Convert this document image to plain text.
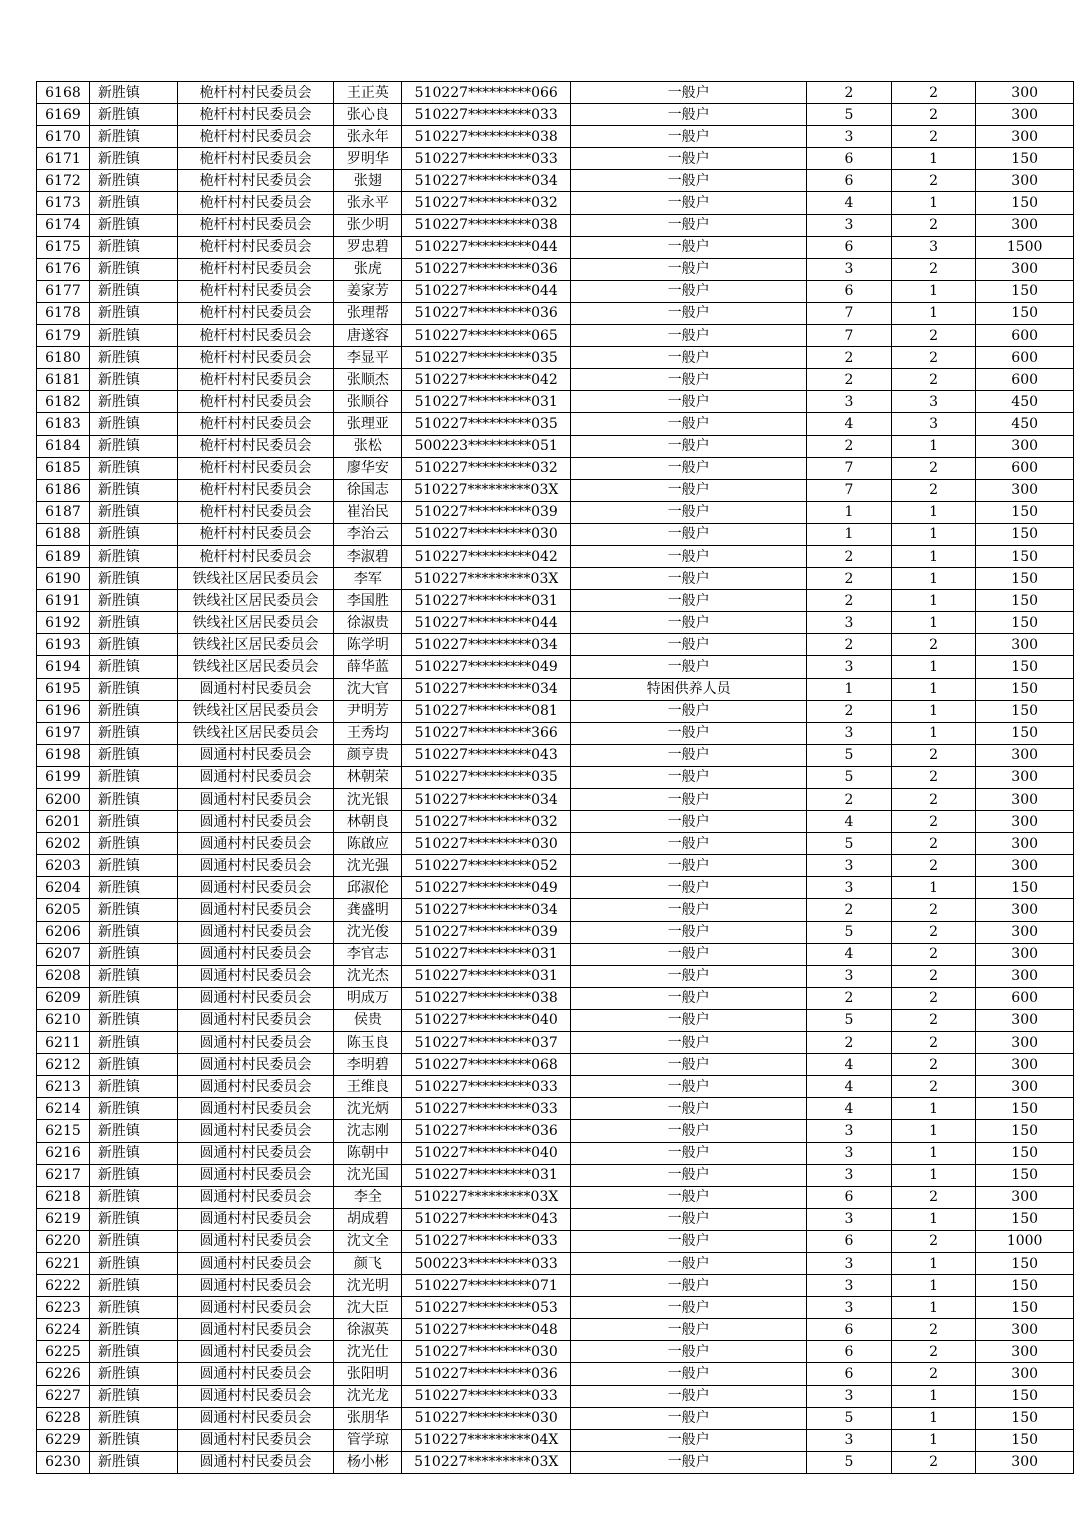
6168	新胜镇	桅杆村村民委员会	王正英	510227*********066	一般户	2	2	300
6169	新胜镇	桅杆村村民委员会	张心良	510227*********033	一般户	5	2	300
6170	新胜镇	桅杆村村民委员会	张永年	510227*********038	一般户	3	2	300
6171	新胜镇	桅杆村村民委员会	罗明华	510227*********033	一般户	6	1	150
6172	新胜镇	桅杆村村民委员会	张翅	510227*********034	一般户	6	2	300
6173	新胜镇	桅杆村村民委员会	张永平	510227*********032	一般户	4	1	150
6174	新胜镇	桅杆村村民委员会	张少明	510227*********038	一般户	3	2	300
6175	新胜镇	桅杆村村民委员会	罗忠碧	510227*********044	一般户	6	3	1500
6176	新胜镇	桅杆村村民委员会	张虎	510227*********036	一般户	3	2	300
6177	新胜镇	桅杆村村民委员会	姜家芳	510227*********044	一般户	6	1	150
6178	新胜镇	桅杆村村民委员会	张理帮	510227*********036	一般户	7	1	150
6179	新胜镇	桅杆村村民委员会	唐遂容	510227*********065	一般户	7	2	600
6180	新胜镇	桅杆村村民委员会	李显平	510227*********035	一般户	2	2	600
6181	新胜镇	桅杆村村民委员会	张顺杰	510227*********042	一般户	2	2	600
6182	新胜镇	桅杆村村民委员会	张顺谷	510227*********031	一般户	3	3	450
6183	新胜镇	桅杆村村民委员会	张理亚	510227*********035	一般户	4	3	450
6184	新胜镇	桅杆村村民委员会	张松	500223*********051	一般户	2	1	300
6185	新胜镇	桅杆村村民委员会	廖华安	510227*********032	一般户	7	2	600
6186	新胜镇	桅杆村村民委员会	徐国志	510227*********03X	一般户	7	2	300
6187	新胜镇	桅杆村村民委员会	崔治民	510227*********039	一般户	1	1	150
6188	新胜镇	桅杆村村民委员会	李治云	510227*********030	一般户	1	1	150
6189	新胜镇	桅杆村村民委员会	李淑碧	510227*********042	一般户	2	1	150
6190	新胜镇	铁线社区居民委员会	李军	510227*********03X	一般户	2	1	150
6191	新胜镇	铁线社区居民委员会	李国胜	510227*********031	一般户	2	1	150
6192	新胜镇	铁线社区居民委员会	徐淑贵	510227*********044	一般户	3	1	150
6193	新胜镇	铁线社区居民委员会	陈学明	510227*********034	一般户	2	2	300
6194	新胜镇	铁线社区居民委员会	薛华蓝	510227*********049	一般户	3	1	150
6195	新胜镇	圆通村村民委员会	沈大官	510227*********034	特困供养人员	1	1	150
6196	新胜镇	铁线社区居民委员会	尹明芳	510227*********081	一般户	2	1	150
6197	新胜镇	铁线社区居民委员会	王秀均	510227*********366	一般户	3	1	150
6198	新胜镇	圆通村村民委员会	颜亨贵	510227*********043	一般户	5	2	300
6199	新胜镇	圆通村村民委员会	林朝荣	510227*********035	一般户	5	2	300
6200	新胜镇	圆通村村民委员会	沈光银	510227*********034	一般户	2	2	300
6201	新胜镇	圆通村村民委员会	林朝良	510227*********032	一般户	4	2	300
6202	新胜镇	圆通村村民委员会	陈啟应	510227*********030	一般户	5	2	300
6203	新胜镇	圆通村村民委员会	沈光强	510227*********052	一般户	3	2	300
6204	新胜镇	圆通村村民委员会	邱淑伦	510227*********049	一般户	3	1	150
6205	新胜镇	圆通村村民委员会	龚盛明	510227*********034	一般户	2	2	300
6206	新胜镇	圆通村村民委员会	沈光俊	510227*********039	一般户	5	2	300
6207	新胜镇	圆通村村民委员会	李官志	510227*********031	一般户	4	2	300
6208	新胜镇	圆通村村民委员会	沈光杰	510227*********031	一般户	3	2	300
6209	新胜镇	圆通村村民委员会	明成万	510227*********038	一般户	2	2	600
6210	新胜镇	圆通村村民委员会	侯贵	510227*********040	一般户	5	2	300
6211	新胜镇	圆通村村民委员会	陈玉良	510227*********037	一般户	2	2	300
6212	新胜镇	圆通村村民委员会	李明碧	510227*********068	一般户	4	2	300
6213	新胜镇	圆通村村民委员会	王维良	510227*********033	一般户	4	2	300
6214	新胜镇	圆通村村民委员会	沈光炳	510227*********033	一般户	4	1	150
6215	新胜镇	圆通村村民委员会	沈志刚	510227*********036	一般户	3	1	150
6216	新胜镇	圆通村村民委员会	陈朝中	510227*********040	一般户	3	1	150
6217	新胜镇	圆通村村民委员会	沈光国	510227*********031	一般户	3	1	150
6218	新胜镇	圆通村村民委员会	李全	510227*********03X	一般户	6	2	300
6219	新胜镇	圆通村村民委员会	胡成碧	510227*********043	一般户	3	1	150
6220	新胜镇	圆通村村民委员会	沈文全	510227*********033	一般户	6	2	1000
6221	新胜镇	圆通村村民委员会	颜飞	500223*********033	一般户	3	1	150
6222	新胜镇	圆通村村民委员会	沈光明	510227*********071	一般户	3	1	150
6223	新胜镇	圆通村村民委员会	沈大臣	510227*********053	一般户	3	1	150
6224	新胜镇	圆通村村民委员会	徐淑英	510227*********048	一般户	6	2	300
6225	新胜镇	圆通村村民委员会	沈光仕	510227*********030	一般户	6	2	300
6226	新胜镇	圆通村村民委员会	张阳明	510227*********036	一般户	6	2	300
6227	新胜镇	圆通村村民委员会	沈光龙	510227*********033	一般户	3	1	150
6228	新胜镇	圆通村村民委员会	张朋华	510227*********030	一般户	5	1	150
6229	新胜镇	圆通村村民委员会	管学琼	510227*********04X	一般户	3	1	150
6230	新胜镇	圆通村村民委员会	杨小彬	510227*********03X	一般户	5	2	300
